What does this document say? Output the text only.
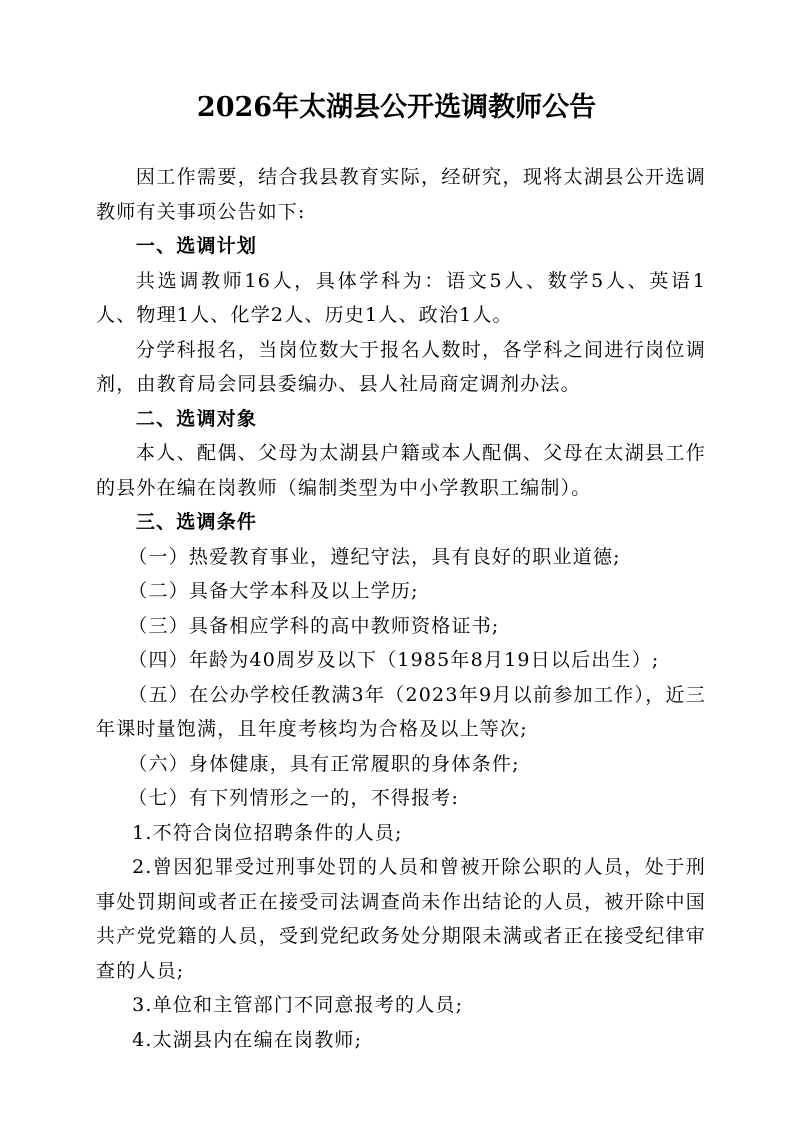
2026年太湖县公开选调教师公告

因工作需要，结合我县教育实际，经研究，现将太湖县公开选调教师有关事项公告如下:

一、选调计划

共选调教师16人，具体学科为：语文5人、数学5人、英语1人、物理1人、化学2人、历史1人、政治1人。

分学科报名，当岗位数大于报名人数时，各学科之间进行岗位调剂，由教育局会同县委编办、县人社局商定调剂办法。

二、选调对象

本人、配偶、父母为太湖县户籍或本人配偶、父母在太湖县工作的县外在编在岗教师（编制类型为中小学教职工编制）。

三、选调条件

（一）热爱教育事业，遵纪守法，具有良好的职业道德;

（二）具备大学本科及以上学历;

（三）具备相应学科的高中教师资格证书;

（四）年龄为40周岁及以下（1985年8月19日以后出生）;

（五）在公办学校任教满3年（2023年9月以前参加工作），近三年课时量饱满，且年度考核均为合格及以上等次;

（六）身体健康，具有正常履职的身体条件;

（七）有下列情形之一的，不得报考:

1.不符合岗位招聘条件的人员;

2.曾因犯罪受过刑事处罚的人员和曾被开除公职的人员，处于刑事处罚期间或者正在接受司法调查尚未作出结论的人员，被开除中国共产党党籍的人员，受到党纪政务处分期限未满或者正在接受纪律审查的人员;

3.单位和主管部门不同意报考的人员;

4.太湖县内在编在岗教师;
